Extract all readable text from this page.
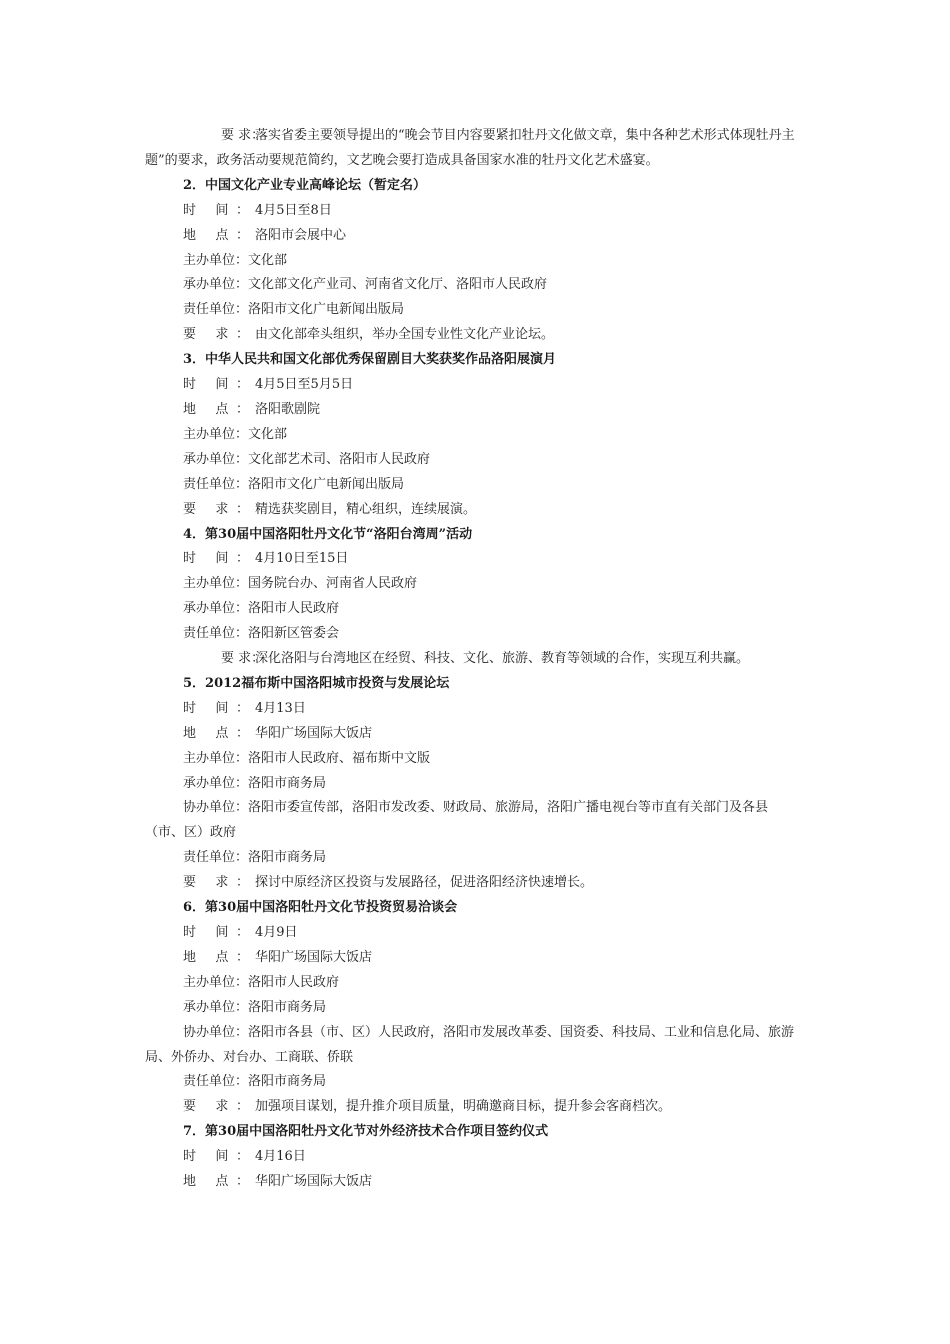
要 求：落实省委主要领导提出的“晚会节目内容要紧扣牡丹文化做文章，集中各种艺术形式体现牡丹主题”的要求，政务活动要规范简约，文艺晚会要打造成具备国家水准的牡丹文化艺术盛宴。
2．中国文化产业专业高峰论坛（暂定名）
时 间： 4月5日至8日
地 点： 洛阳市会展中心
主办单位：文化部
承办单位：文化部文化产业司、河南省文化厅、洛阳市人民政府
责任单位：洛阳市文化广电新闻出版局
要 求： 由文化部牵头组织，举办全国专业性文化产业论坛。
3．中华人民共和国文化部优秀保留剧目大奖获奖作品洛阳展演月
时 间： 4月5日至5月5日
地 点： 洛阳歌剧院
主办单位：文化部
承办单位：文化部艺术司、洛阳市人民政府
责任单位：洛阳市文化广电新闻出版局
要 求： 精选获奖剧目，精心组织，连续展演。
4．第30届中国洛阳牡丹文化节“洛阳台湾周”活动
时 间： 4月10日至15日
主办单位：国务院台办、河南省人民政府
承办单位：洛阳市人民政府
责任单位：洛阳新区管委会
要 求：深化洛阳与台湾地区在经贸、科技、文化、旅游、教育等领域的合作，实现互利共赢。
5．2012福布斯中国洛阳城市投资与发展论坛
时 间： 4月13日
地 点： 华阳广场国际大饭店
主办单位：洛阳市人民政府、福布斯中文版
承办单位：洛阳市商务局
协办单位：洛阳市委宣传部，洛阳市发改委、财政局、旅游局，洛阳广播电视台等市直有关部门及各县（市、区）政府
责任单位：洛阳市商务局
要 求： 探讨中原经济区投资与发展路径，促进洛阳经济快速增长。
6．第30届中国洛阳牡丹文化节投资贸易洽谈会
时 间： 4月9日
地 点： 华阳广场国际大饭店
主办单位：洛阳市人民政府
承办单位：洛阳市商务局
协办单位：洛阳市各县（市、区）人民政府，洛阳市发展改革委、国资委、科技局、工业和信息化局、旅游局、外侨办、对台办、工商联、侨联
责任单位：洛阳市商务局
要 求： 加强项目谋划，提升推介项目质量，明确邀商目标，提升参会客商档次。
7．第30届中国洛阳牡丹文化节对外经济技术合作项目签约仪式
时 间： 4月16日
地 点： 华阳广场国际大饭店
